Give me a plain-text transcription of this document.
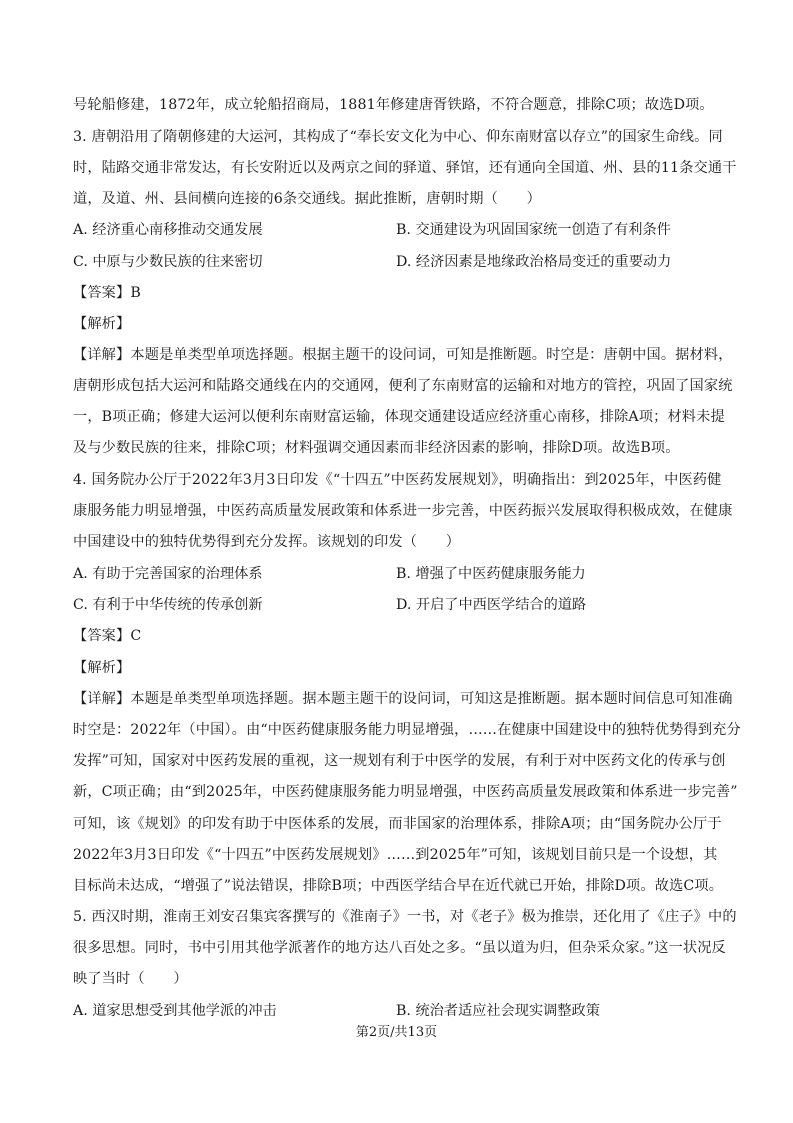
号轮船修建，1872年，成立轮船招商局，1881年修建唐胥铁路，不符合题意，排除C项；故选D项。
3. 唐朝沿用了隋朝修建的大运河，其构成了“奉长安文化为中心、仰东南财富以存立”的国家生命线。同
时，陆路交通非常发达，有长安附近以及两京之间的驿道、驿馆，还有通向全国道、州、县的11条交通干
道，及道、州、县间横向连接的6条交通线。据此推断，唐朝时期（　　）
A. 经济重心南移推动交通发展	B. 交通建设为巩固国家统一创造了有利条件
C. 中原与少数民族的往来密切	D. 经济因素是地缘政治格局变迁的重要动力
【答案】B
【解析】
【详解】本题是单类型单项选择题。根据主题干的设问词，可知是推断题。时空是：唐朝中国。据材料，
唐朝形成包括大运河和陆路交通线在内的交通网，便利了东南财富的运输和对地方的管控，巩固了国家统
一，B项正确；修建大运河以便利东南财富运输，体现交通建设适应经济重心南移，排除A项；材料未提
及与少数民族的往来，排除C项；材料强调交通因素而非经济因素的影响，排除D项。故选B项。
4. 国务院办公厅于2022年3月3日印发《“十四五”中医药发展规划》，明确指出：到2025年，中医药健
康服务能力明显增强，中医药高质量发展政策和体系进一步完善，中医药振兴发展取得积极成效，在健康
中国建设中的独特优势得到充分发挥。该规划的印发（　　）
A. 有助于完善国家的治理体系	B. 增强了中医药健康服务能力
C. 有利于中华传统的传承创新	D. 开启了中西医学结合的道路
【答案】C
【解析】
【详解】本题是单类型单项选择题。据本题主题干的设问词，可知这是推断题。据本题时间信息可知准确
时空是：2022年（中国）。由“中医药健康服务能力明显增强，……在健康中国建设中的独特优势得到充分
发挥”可知，国家对中医药发展的重视，这一规划有利于中医学的发展，有利于对中医药文化的传承与创
新，C项正确；由“到2025年，中医药健康服务能力明显增强，中医药高质量发展政策和体系进一步完善”
可知，该《规划》的印发有助于中医体系的发展，而非国家的治理体系，排除A项；由“国务院办公厅于
2022年3月3日印发《“十四五”中医药发展规划》……到2025年”可知，该规划目前只是一个设想，其
目标尚未达成，“增强了”说法错误，排除B项；中西医学结合早在近代就已开始，排除D项。故选C项。
5. 西汉时期，淮南王刘安召集宾客撰写的《淮南子》一书，对《老子》极为推崇，还化用了《庄子》中的
很多思想。同时，书中引用其他学派著作的地方达八百处之多。“虽以道为归，但杂采众家。”这一状况反
映了当时（　　）
A. 道家思想受到其他学派的冲击	B. 统治者适应社会现实调整政策
第2页/共13页
